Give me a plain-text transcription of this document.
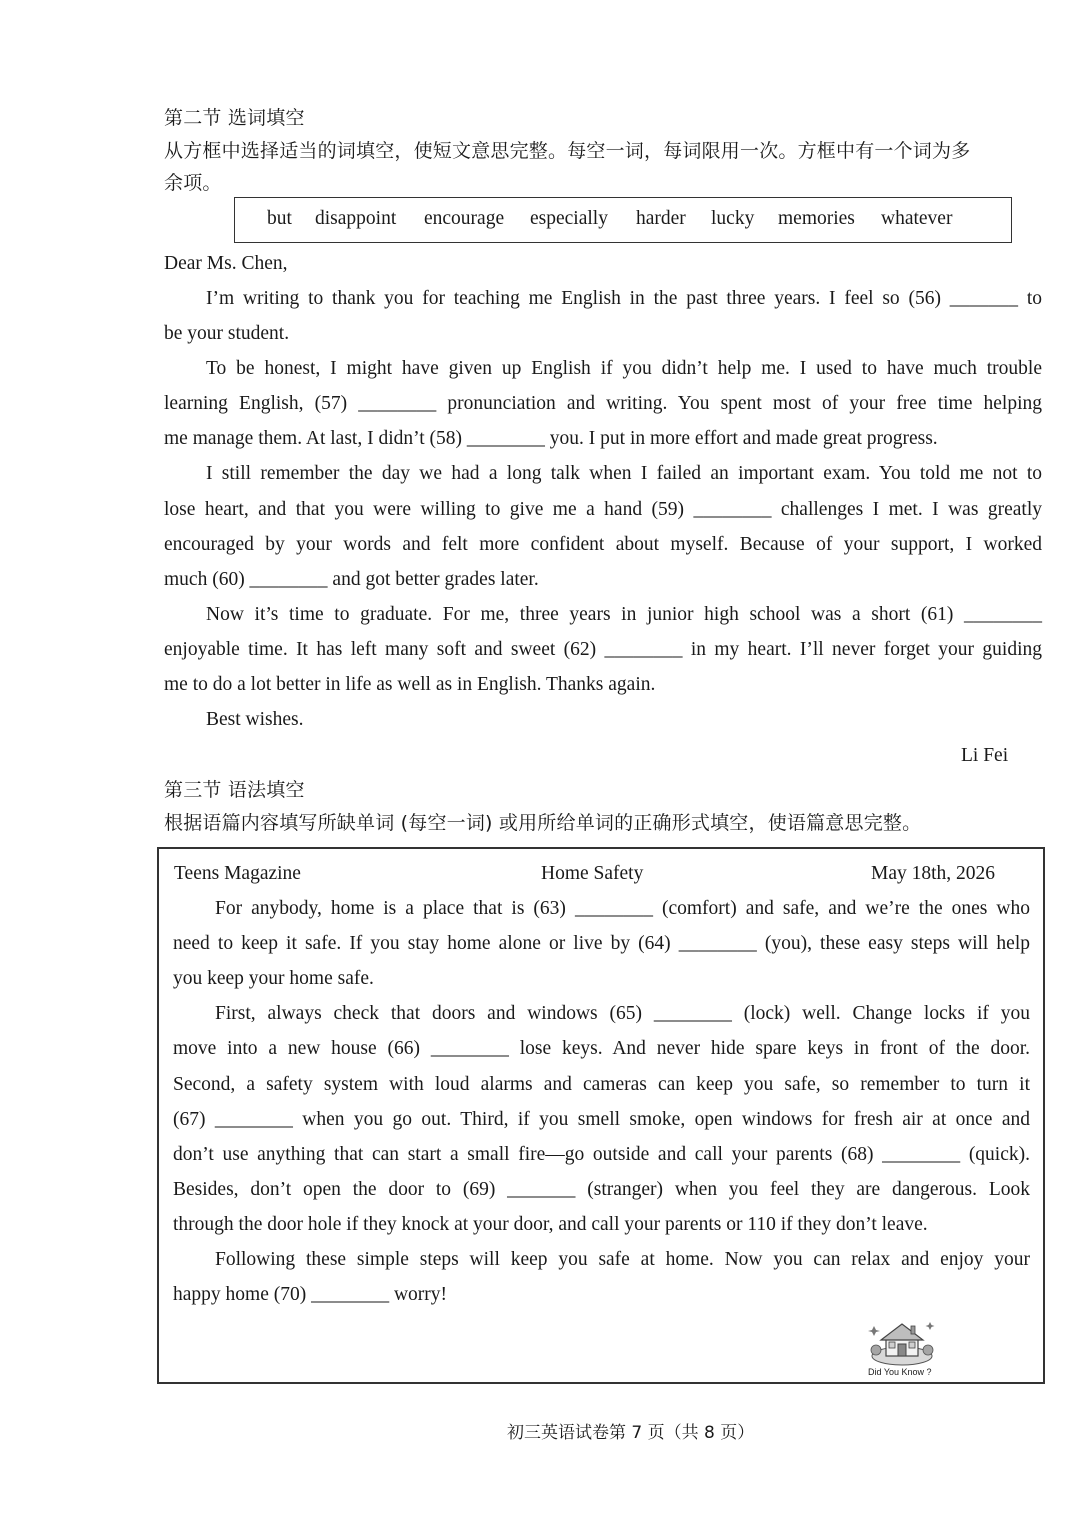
第二节 选词填空
从方框中选择适当的词填空，使短文意思完整。每空一词，每词限用一次。方框中有一个词为多
余项。
but disappoint encourage especially harder lucky memories whatever
Dear Ms. Chen,
I’m writing to thank you for teaching me English in the past three years. I feel so (56) _______ to
be your student.
To be honest, I might have given up English if you didn’t help me. I used to have much trouble
learning English, (57) ________ pronunciation and writing. You spent most of your free time helping
me manage them. At last, I didn’t (58) ________ you. I put in more effort and made great progress.
I still remember the day we had a long talk when I failed an important exam. You told me not to
lose heart, and that you were willing to give me a hand (59) ________ challenges I met. I was greatly
encouraged by your words and felt more confident about myself. Because of your support, I worked
much (60) ________ and got better grades later.
Now it’s time to graduate. For me, three years in junior high school was a short (61) ________
enjoyable time. It has left many soft and sweet (62) ________ in my heart. I’ll never forget your guiding
me to do a lot better in life as well as in English. Thanks again.
Best wishes.
Li Fei
第三节 语法填空
根据语篇内容填写所缺单词 (每空一词) 或用所给单词的正确形式填空，使语篇意思完整。
Teens Magazine	Home Safety	May 18th, 2026
For anybody, home is a place that is (63) ________ (comfort) and safe, and we’re the ones who
need to keep it safe. If you stay home alone or live by (64) ________ (you), these easy steps will help
you keep your home safe.
First, always check that doors and windows (65) ________ (lock) well. Change locks if you
move into a new house (66) ________ lose keys. And never hide spare keys in front of the door.
Second, a safety system with loud alarms and cameras can keep you safe, so remember to turn it
(67) ________ when you go out. Third, if you smell smoke, open windows for fresh air at once and
don’t use anything that can start a small fire—go outside and call your parents (68) ________ (quick).
Besides, don’t open the door to (69) _______ (stranger) when you feel they are dangerous. Look
through the door hole if they knock at your door, and call your parents or 110 if they don’t leave.
Following these simple steps will keep you safe at home. Now you can relax and enjoy your
happy home (70) ________ worry!
Did You Know ?
初三英语试卷第 7 页（共 8 页）
